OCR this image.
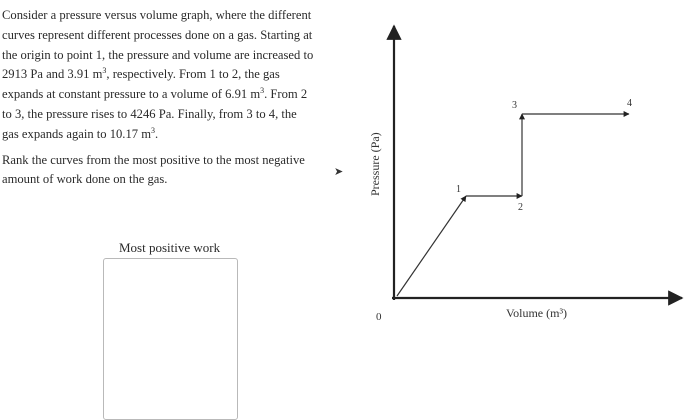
Consider a pressure versus volume graph, where the different
curves represent different processes done on a gas. Starting at
the origin to point 1, the pressure and volume are increased to
2913 Pa and 3.91 $m^3$, respectively. From 1 to 2, the gas
expands at constant pressure to a volume of 6.91 $m^3$. From 2
to 3, the pressure rises to 4246 Pa. Finally, from 3 to 4, the
gas expands again to 10.17 $m^3$.

Rank the curves from the most positive to the most negative
amount of work done on the gas.

Most positive work
➤ Pressure (Pa)
Volume (m³)
0
1
2
3	4
